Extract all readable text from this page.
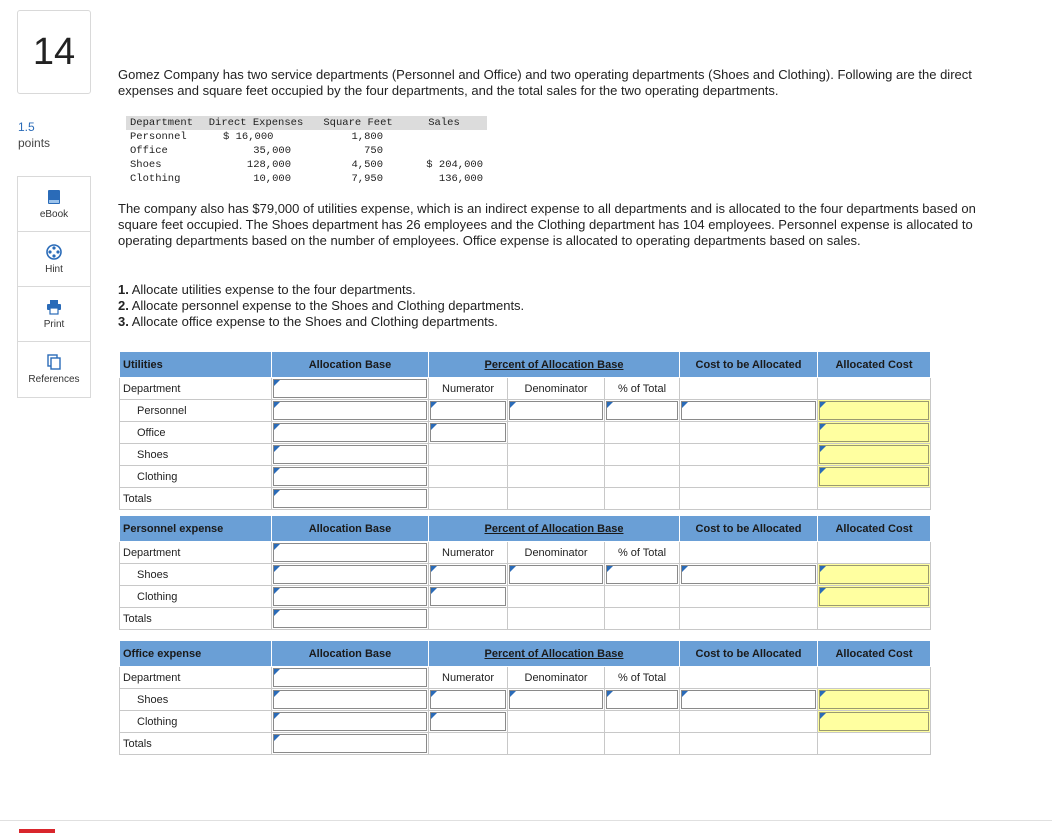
14
1.5
points
eBook
Hint
Print
References
Gomez Company has two service departments (Personnel and Office) and two operating departments (Shoes and Clothing). Following are the direct expenses and square feet occupied by the four departments, and the total sales for the two operating departments.
Department	Direct Expenses	Square Feet	Sales
Personnel	$ 16,000	1,800	
Office	35,000	750	
Shoes	128,000	4,500	$ 204,000
Clothing	10,000	7,950	136,000
The company also has $79,000 of utilities expense, which is an indirect expense to all departments and is allocated to the four departments based on square feet occupied. The Shoes department has 26 employees and the Clothing department has 104 employees. Personnel expense is allocated to operating departments based on the number of employees. Office expense is allocated to operating departments based on sales.
1. Allocate utilities expense to the four departments.
2. Allocate personnel expense to the Shoes and Clothing departments.
3. Allocate office expense to the Shoes and Clothing departments.
Utilities	Allocation Base	Percent of Allocation Base			Cost to be Allocated	Allocated Cost
Department		Numerator	Denominator	% of Total		
Personnel	

Office	

Shoes	

Clothing	

Totals	

Personnel expense	Allocation Base	Percent of Allocation Base			Cost to be Allocated	Allocated Cost
Department		Numerator	Denominator	% of Total		
Shoes	

Clothing	

Totals	

Office expense	Allocation Base	Percent of Allocation Base			Cost to be Allocated	Allocated Cost
Department		Numerator	Denominator	% of Total		
Shoes	

Clothing	

Totals	
